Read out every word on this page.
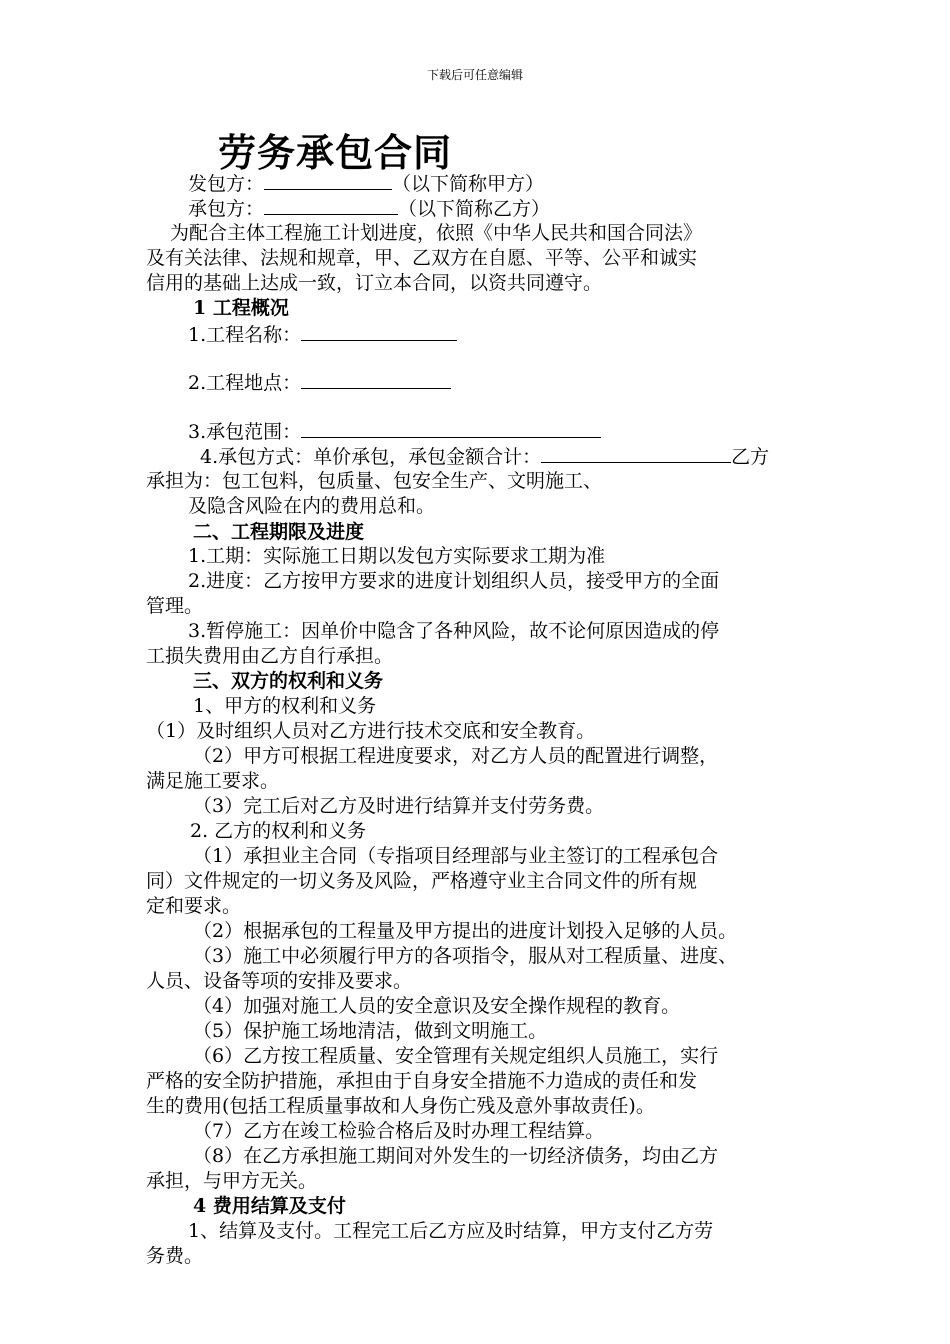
下载后可任意编辑
劳务承包合同
发包方：	（以下简称甲方）
承包方：	（以下简称乙方）
为配合主体工程施工计划进度，依照《中华人民共和国合同法》
及有关法律、法规和规章，甲、乙双方在自愿、平等、公平和诚实
信用的基础上达成一致，订立本合同，以资共同遵守。
1 工程概况
1.工程名称：
2.工程地点：
3.承包范围：
4.承包方式：单价承包，承包金额合计：	乙方
承担为：包工包料，包质量、包安全生产、文明施工、
及隐含风险在内的费用总和。
二、工程期限及进度
1.工期：实际施工日期以发包方实际要求工期为准
2.进度：乙方按甲方要求的进度计划组织人员，接受甲方的全面
管理。
3.暂停施工：因单价中隐含了各种风险，故不论何原因造成的停
工损失费用由乙方自行承担。
三、双方的权利和义务
1、甲方的权利和义务
（1）及时组织人员对乙方进行技术交底和安全教育。
（2）甲方可根据工程进度要求，对乙方人员的配置进行调整，
满足施工要求。
（3）完工后对乙方及时进行结算并支付劳务费。
2. 乙方的权利和义务
（1）承担业主合同（专指项目经理部与业主签订的工程承包合
同）文件规定的一切义务及风险，严格遵守业主合同文件的所有规
定和要求。
（2）根据承包的工程量及甲方提出的进度计划投入足够的人员。
（3）施工中必须履行甲方的各项指令，服从对工程质量、进度、
人员、设备等项的安排及要求。
（4）加强对施工人员的安全意识及安全操作规程的教育。
（5）保护施工场地清洁，做到文明施工。
（6）乙方按工程质量、安全管理有关规定组织人员施工，实行
严格的安全防护措施，承担由于自身安全措施不力造成的责任和发
生的费用(包括工程质量事故和人身伤亡残及意外事故责任)。
（7）乙方在竣工检验合格后及时办理工程结算。
（8）在乙方承担施工期间对外发生的一切经济债务，均由乙方
承担，与甲方无关。
4 费用结算及支付
1、结算及支付。工程完工后乙方应及时结算，甲方支付乙方劳
务费。
